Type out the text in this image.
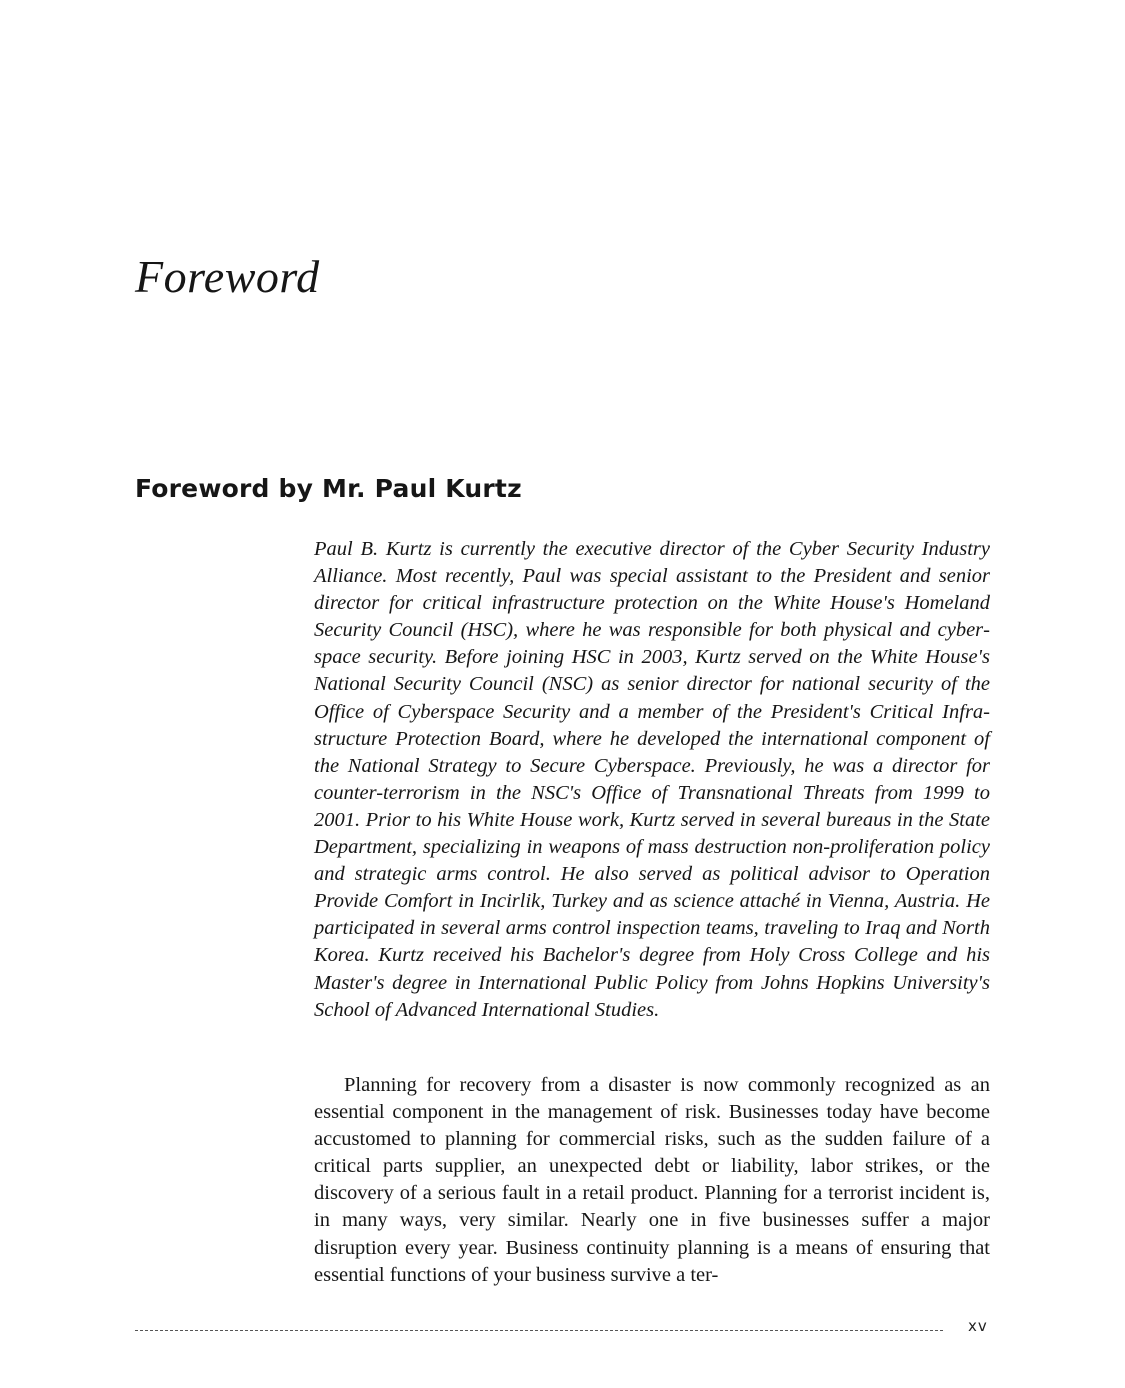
Foreword
Foreword by Mr. Paul Kurtz

Paul B. Kurtz is currently the executive director of the Cyber Security Industry Alliance. Most recently, Paul was special assistant to the President and senior director for critical infrastructure protection on the White House's Homeland Security Council (HSC), where he was responsible for both physical and cyberspace security. Before joining HSC in 2003, Kurtz served on the White House's National Security Council (NSC) as senior director for national security of the Office of Cyberspace Security and a member of the President's Critical Infrastructure Protection Board, where he developed the international component of the National Strategy to Secure Cyberspace. Previously, he was a director for counter-terrorism in the NSC's Office of Transnational Threats from 1999 to 2001. Prior to his White House work, Kurtz served in several bureaus in the State Department, specializing in weapons of mass destruction non-proliferation policy and strategic arms control. He also served as political advisor to Operation Provide Comfort in Incirlik, Turkey and as science attaché in Vienna, Austria. He participated in several arms control inspection teams, traveling to Iraq and North Korea. Kurtz received his Bachelor's degree from Holy Cross College and his Master's degree in International Public Policy from Johns Hopkins University's School of Advanced International Studies.

Planning for recovery from a disaster is now commonly recognized as an essential component in the management of risk. Businesses today have become accustomed to planning for commercial risks, such as the sudden failure of a critical parts supplier, an unexpected debt or liability, labor strikes, or the discovery of a serious fault in a retail product. Planning for a terrorist incident is, in many ways, very similar. Nearly one in five businesses suffer a major disruption every year. Business continuity planning is a means of ensuring that essential functions of your business survive a ter-

xv
